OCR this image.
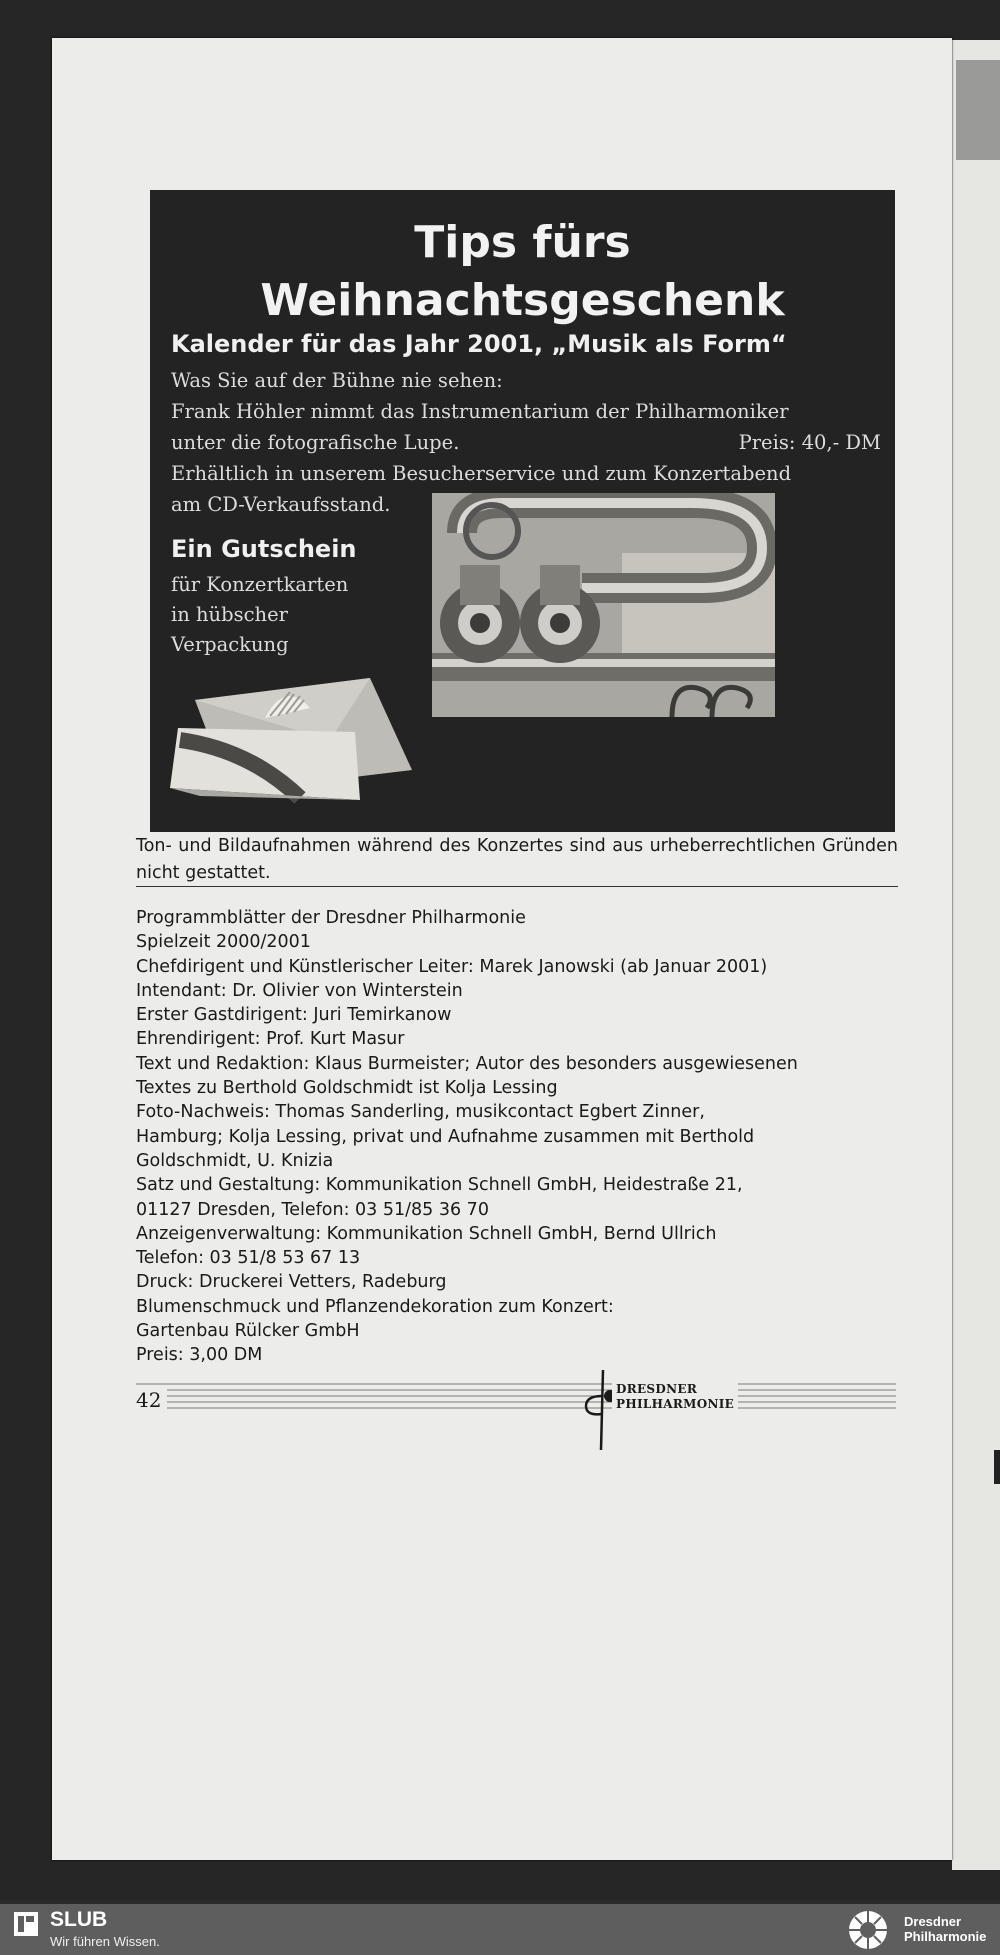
Tips fürs
Weihnachtsgeschenk
Kalender für das Jahr 2001, „Musik als Form“
Was Sie auf der Bühne nie sehen:
Frank Höhler nimmt das Instrumentarium der Philharmoniker
unter die fotografische Lupe.	Preis: 40,- DM
Erhältlich in unserem Besucherservice und zum Konzertabend
am CD-Verkaufsstand.
Ein Gutschein
für Konzertkarten
in hübscher
Verpackung
Ton- und Bildaufnahmen während des Konzertes sind aus urheberrechtlichen Gründen nicht gestattet.
Programmblätter der Dresdner Philharmonie
Spielzeit 2000/2001
Chefdirigent und Künstlerischer Leiter: Marek Janowski (ab Januar 2001)
Intendant: Dr. Olivier von Winterstein
Erster Gastdirigent: Juri Temirkanow
Ehrendirigent: Prof. Kurt Masur
Text und Redaktion: Klaus Burmeister; Autor des besonders ausgewiesenen
Textes zu Berthold Goldschmidt ist Kolja Lessing
Foto-Nachweis: Thomas Sanderling, musikcontact Egbert Zinner,
Hamburg; Kolja Lessing, privat und Aufnahme zusammen mit Berthold
Goldschmidt, U. Knizia
Satz und Gestaltung: Kommunikation Schnell GmbH, Heidestraße 21,
01127 Dresden, Telefon: 03 51/85 36 70
Anzeigenverwaltung: Kommunikation Schnell GmbH, Bernd Ullrich
Telefon: 03 51/8 53 67 13
Druck: Druckerei Vetters, Radeburg
Blumenschmuck und Pflanzendekoration zum Konzert:
Gartenbau Rülcker GmbH
Preis: 3,00 DM
42	DRESDNER
PHILHARMONIE
SLUB
Wir führen Wissen.
Dresdner
Philharmonie
